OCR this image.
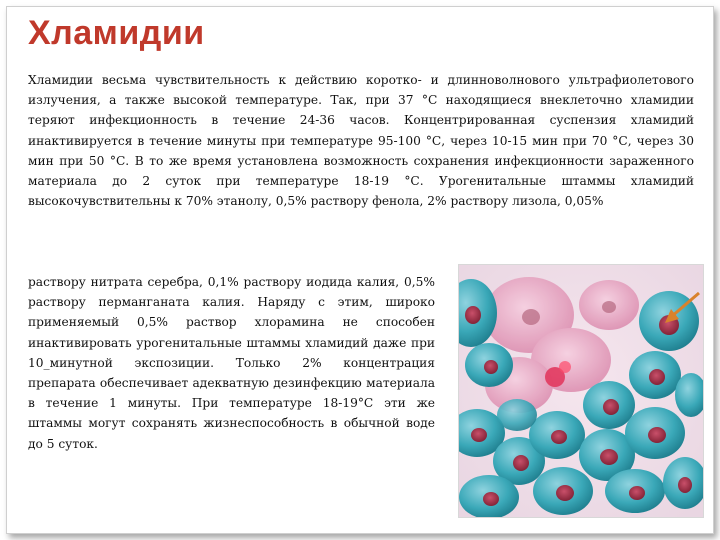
Хламидии
Хламидии весьма чувствительность к действию коротко- и длинноволнового ультрафиолетового излучения, а также высокой температуре. Так, при 37 °С находящиеся внеклеточно хламидии теряют инфекционность в течение 24-36 часов. Концентрированная суспензия хламидий инактивируется в течение минуты при температуре 95-100 °С, через 10-15 мин при 70 °С, через 30 мин при 50 °С. В то же время установлена возможность сохранения инфекционности зараженного материала до 2 суток при температуре 18-19 °С. Урогенитальные штаммы хламидий высокочувствительны к 70% этанолу, 0,5% раствору фенола, 2% раствору лизола, 0,05%
раствору нитрата серебра, 0,1% раствору иодида калия, 0,5% раствору перманганата калия. Наряду с этим, широко применяемый 0,5% раствор хлорамина не способен инактивировать урогенитальные штаммы хламидий даже при 10_минутной экспозиции. Только 2% концентрация препарата обеспечивает адекватную дезинфекцию материала в течение 1 минуты. При температуре 18-19°С эти же штаммы могут сохранять жизнеспособность в обычной воде до 5 суток.
